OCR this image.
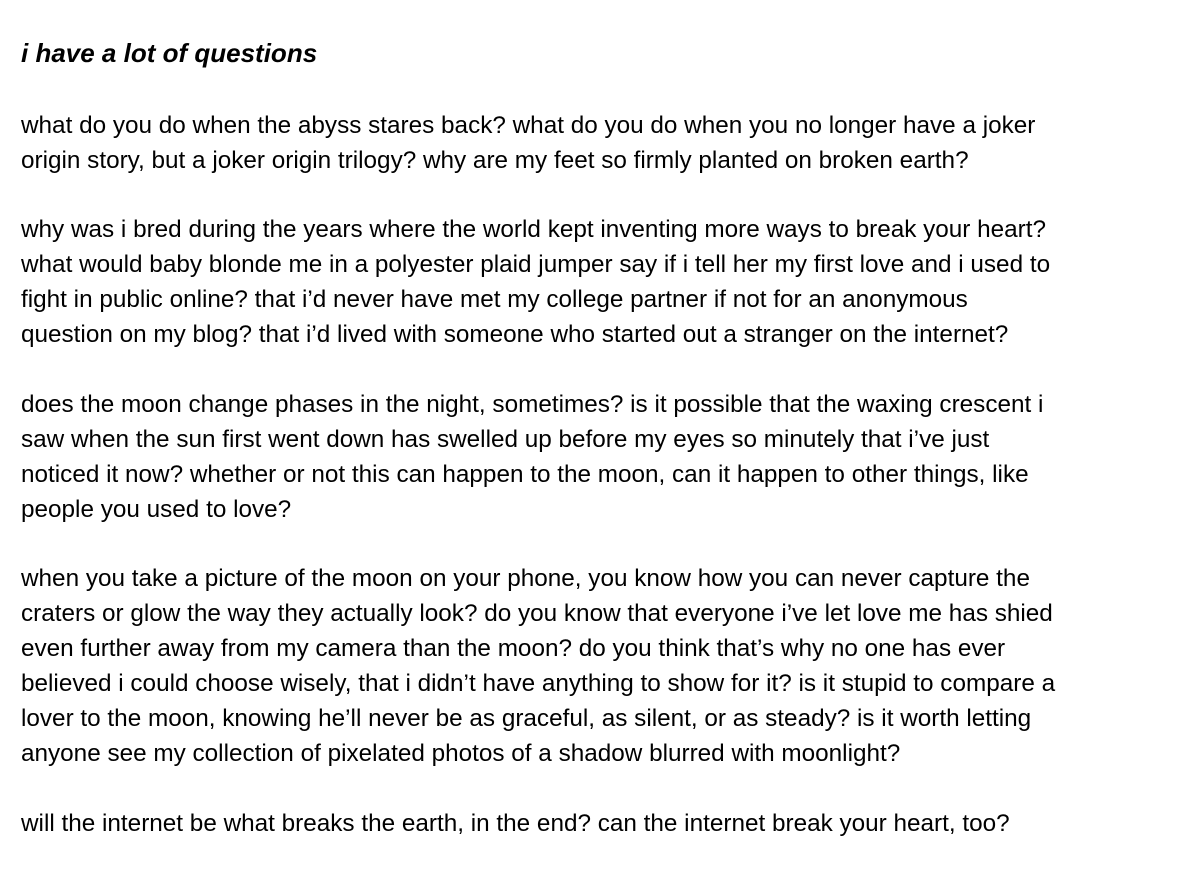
i have a lot of questions

what do you do when the abyss stares back? what do you do when you no longer have a joker
origin story, but a joker origin trilogy? why are my feet so firmly planted on broken earth?

why was i bred during the years where the world kept inventing more ways to break your heart?
what would baby blonde me in a polyester plaid jumper say if i tell her my first love and i used to
fight in public online? that i’d never have met my college partner if not for an anonymous
question on my blog? that i’d lived with someone who started out a stranger on the internet?

does the moon change phases in the night, sometimes? is it possible that the waxing crescent i
saw when the sun first went down has swelled up before my eyes so minutely that i’ve just
noticed it now? whether or not this can happen to the moon, can it happen to other things, like
people you used to love?

when you take a picture of the moon on your phone, you know how you can never capture the
craters or glow the way they actually look? do you know that everyone i’ve let love me has shied
even further away from my camera than the moon? do you think that’s why no one has ever
believed i could choose wisely, that i didn’t have anything to show for it? is it stupid to compare a
lover to the moon, knowing he’ll never be as graceful, as silent, or as steady? is it worth letting
anyone see my collection of pixelated photos of a shadow blurred with moonlight?

will the internet be what breaks the earth, in the end? can the internet break your heart, too?
